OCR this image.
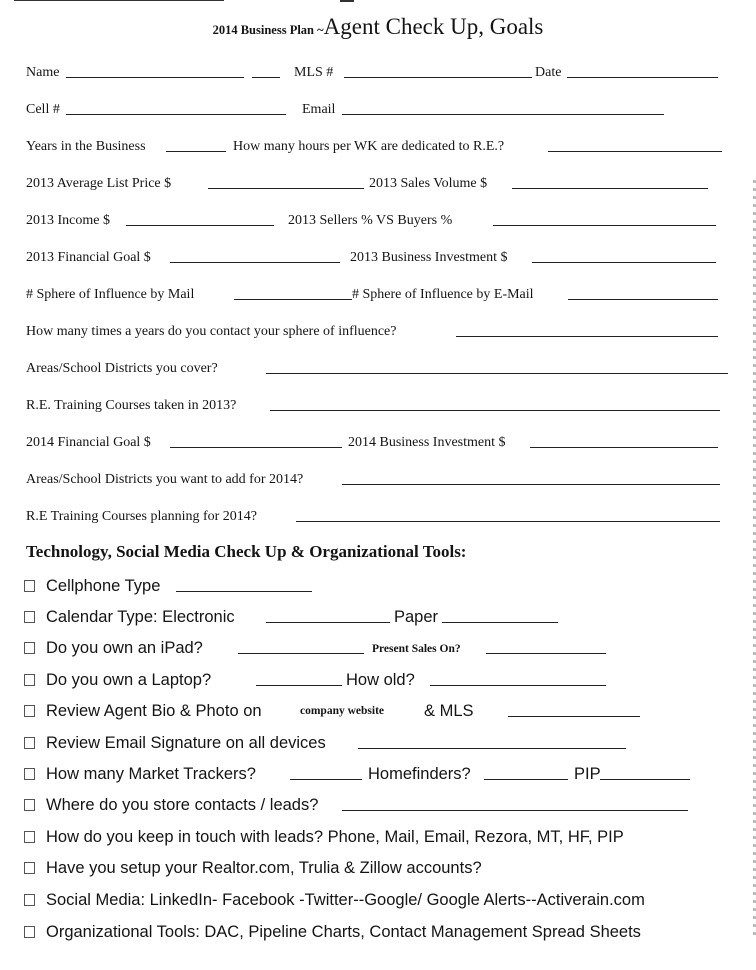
2014 Business Plan ~Agent Check Up, Goals
Name	MLS #	Date
Cell #	Email
Years in the Business	How many hours per WK are dedicated to R.E.?
2013 Average List Price $	2013 Sales Volume $
2013 Income $	2013 Sellers % VS Buyers %
2013 Financial Goal $	2013 Business Investment $
# Sphere of Influence by Mail	# Sphere of Influence by E-Mail
How many times a years do you contact your sphere of influence?
Areas/School Districts you cover?
R.E. Training Courses taken in 2013?
2014 Financial Goal $	2014 Business Investment $
Areas/School Districts you want to add for 2014?
R.E Training Courses planning for 2014?
Technology, Social Media Check Up & Organizational Tools:
Cellphone Type
Calendar Type: Electronic	Paper
Do you own an iPad?	Present Sales On?
Do you own a Laptop?	How old?
Review Agent Bio & Photo on	company website & MLS
Review Email Signature on all devices
How many Market Trackers?	Homefinders?	PIP
Where do you store contacts / leads?
How do you keep in touch with leads? Phone, Mail, Email, Rezora, MT, HF, PIP
Have you setup your Realtor.com, Trulia & Zillow accounts?
Social Media: LinkedIn- Facebook -Twitter--Google/ Google Alerts--Activerain.com
Organizational Tools: DAC, Pipeline Charts, Contact Management Spread Sheets
